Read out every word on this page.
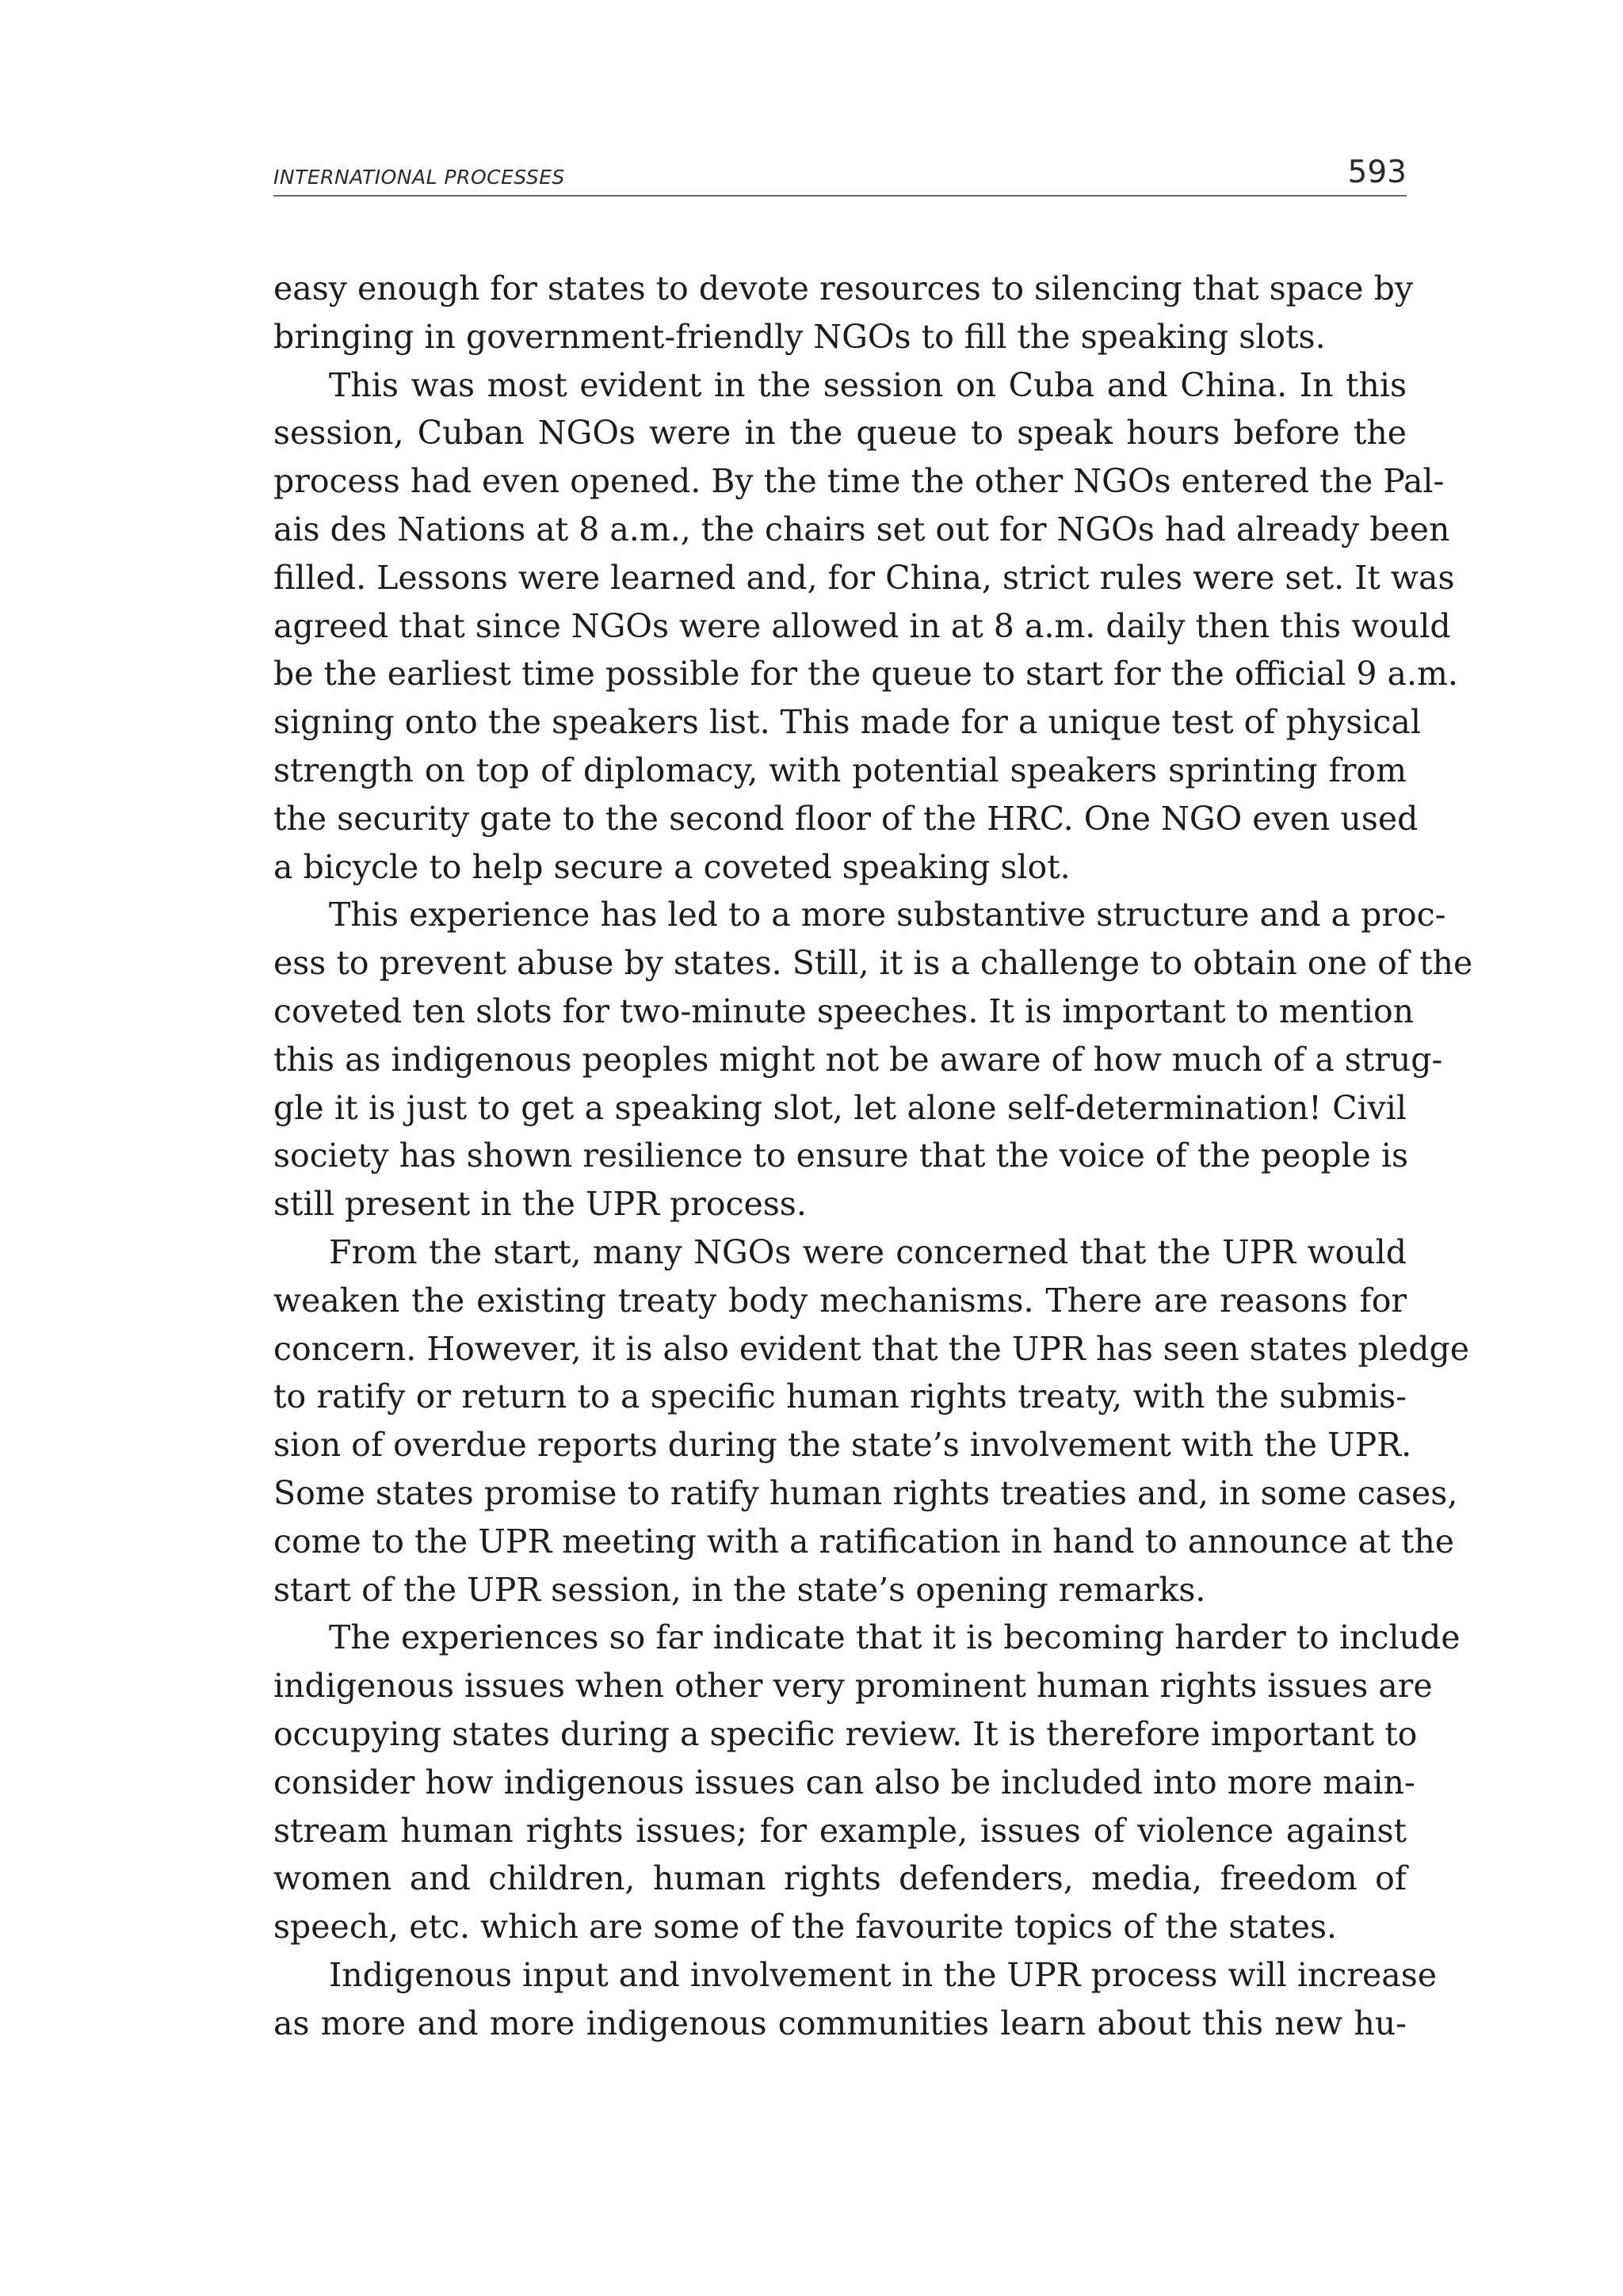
INTERNATIONAL PROCESSES	593
easy enough for states to devote resources to silencing that space by
bringing in government-friendly NGOs to fill the speaking slots.
This was most evident in the session on Cuba and China. In this
session, Cuban NGOs were in the queue to speak hours before the
process had even opened. By the time the other NGOs entered the Pal-
ais des Nations at 8 a.m., the chairs set out for NGOs had already been
filled. Lessons were learned and, for China, strict rules were set. It was
agreed that since NGOs were allowed in at 8 a.m. daily then this would
be the earliest time possible for the queue to start for the official 9 a.m.
signing onto the speakers list. This made for a unique test of physical
strength on top of diplomacy, with potential speakers sprinting from
the security gate to the second floor of the HRC. One NGO even used
a bicycle to help secure a coveted speaking slot.
This experience has led to a more substantive structure and a proc-
ess to prevent abuse by states. Still, it is a challenge to obtain one of the
coveted ten slots for two-minute speeches. It is important to mention
this as indigenous peoples might not be aware of how much of a strug-
gle it is just to get a speaking slot, let alone self-determination! Civil
society has shown resilience to ensure that the voice of the people is
still present in the UPR process.
From the start, many NGOs were concerned that the UPR would
weaken the existing treaty body mechanisms. There are reasons for
concern. However, it is also evident that the UPR has seen states pledge
to ratify or return to a specific human rights treaty, with the submis-
sion of overdue reports during the state’s involvement with the UPR.
Some states promise to ratify human rights treaties and, in some cases,
come to the UPR meeting with a ratification in hand to announce at the
start of the UPR session, in the state’s opening remarks.
The experiences so far indicate that it is becoming harder to include
indigenous issues when other very prominent human rights issues are
occupying states during a specific review. It is therefore important to
consider how indigenous issues can also be included into more main-
stream human rights issues; for example, issues of violence against
women and children, human rights defenders, media, freedom of
speech, etc. which are some of the favourite topics of the states.
Indigenous input and involvement in the UPR process will increase
as more and more indigenous communities learn about this new hu-
